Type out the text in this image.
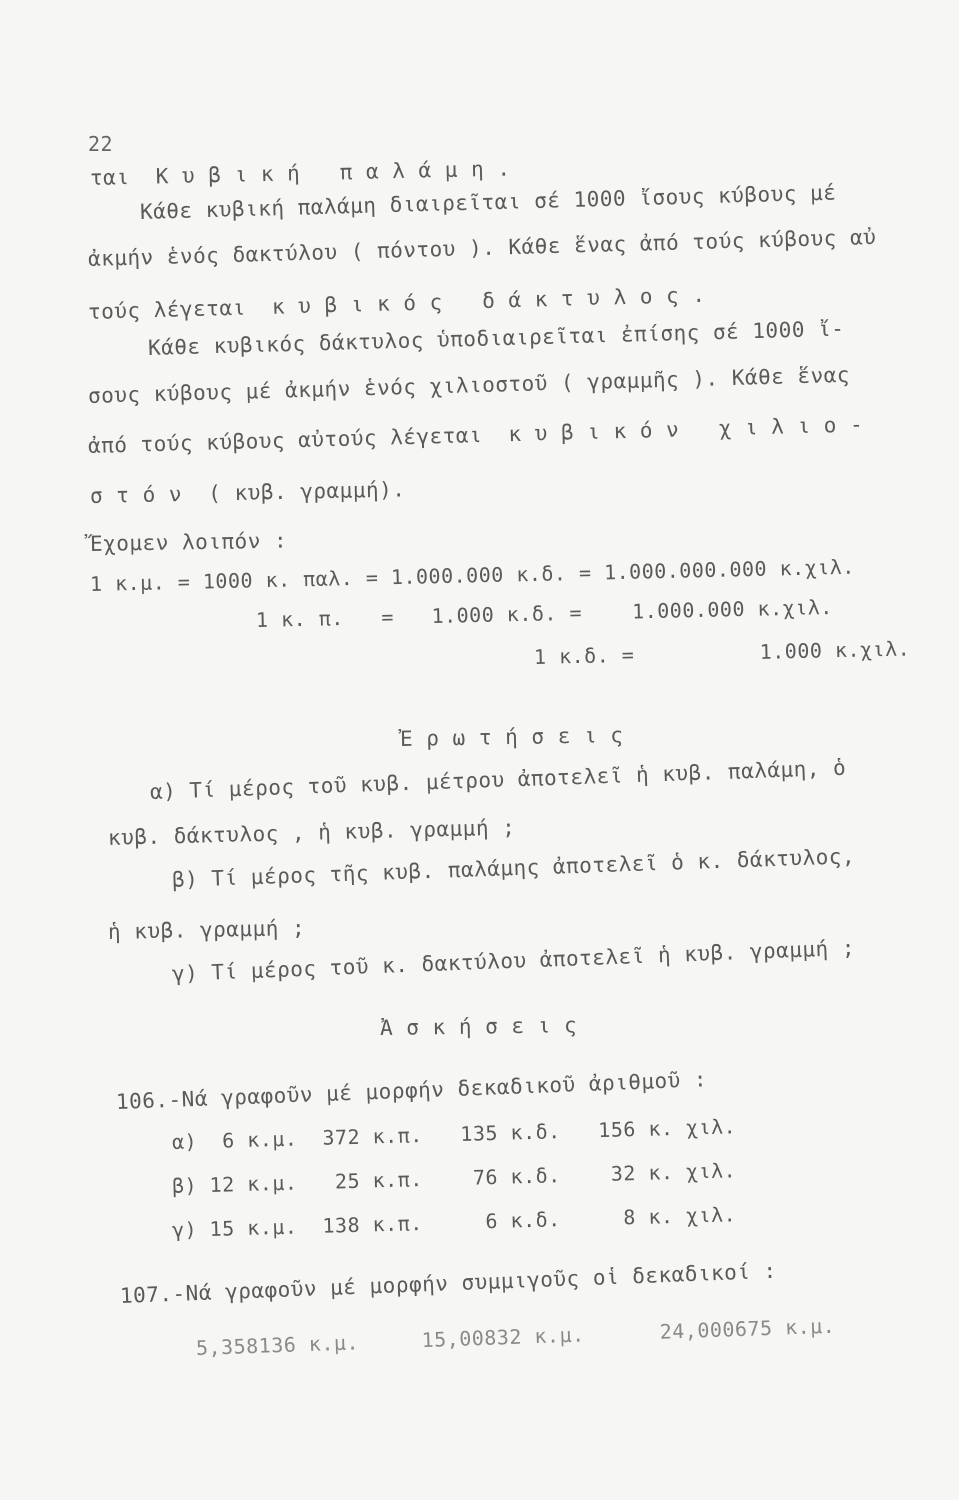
22
ται  Κ υ β ι κ ή   π α λ ά μ η .
Κάθε κυβική παλάμη διαιρεῖται σέ 1000 ἴσους κύβους μέ
ἀκμήν ἑνός δακτύλου ( πόντου ). Κάθε ἕνας ἀπό τούς κύβους αὐ
τούς λέγεται  κ υ β ι κ ό ς   δ ά κ τ υ λ ο ς .
Κάθε κυβικός δάκτυλος ὑποδιαιρεῖται ἐπίσης σέ 1000 ἴ-
σους κύβους μέ ἀκμήν ἑνός χιλιοστοῦ ( γραμμῆς ). Κάθε ἕνας
ἀπό τούς κύβους αὐτούς λέγεται  κ υ β ι κ ό ν   χ ι λ ι ο -
σ τ ό ν  ( κυβ. γραμμή).
Ἔχομεν λοιπόν :
1 κ.μ. = 1000 κ. παλ. = 1.000.000 κ.δ. = 1.000.000.000 κ.χιλ.
1 κ. π.   =   1.000 κ.δ. =    1.000.000 κ.χιλ.
1 κ.δ. =          1.000 κ.χιλ.
Ἐ ρ ω τ ή σ ε ι ς
α) Τί μέρος τοῦ κυβ. μέτρου ἀποτελεῖ ἡ κυβ. παλάμη, ὁ
κυβ. δάκτυλος , ἡ κυβ. γραμμή ;
β) Τί μέρος τῆς κυβ. παλάμης ἀποτελεῖ ὁ κ. δάκτυλος,
ἡ κυβ. γραμμή ;
γ) Τί μέρος τοῦ κ. δακτύλου ἀποτελεῖ ἡ κυβ. γραμμή ;
Ἀ σ κ ή σ ε ι ς
106.-Νά γραφοῦν μέ μορφήν δεκαδικοῦ ἀριθμοῦ :
α)  6 κ.μ.  372 κ.π.   135 κ.δ.   156 κ. χιλ.
β) 12 κ.μ.   25 κ.π.    76 κ.δ.    32 κ. χιλ.
γ) 15 κ.μ.  138 κ.π.     6 κ.δ.     8 κ. χιλ.
107.-Νά γραφοῦν μέ μορφήν συμμιγοῦς οἱ δεκαδικοί :
5,358136 κ.μ.     15,00832 κ.μ.      24,000675 κ.μ.
